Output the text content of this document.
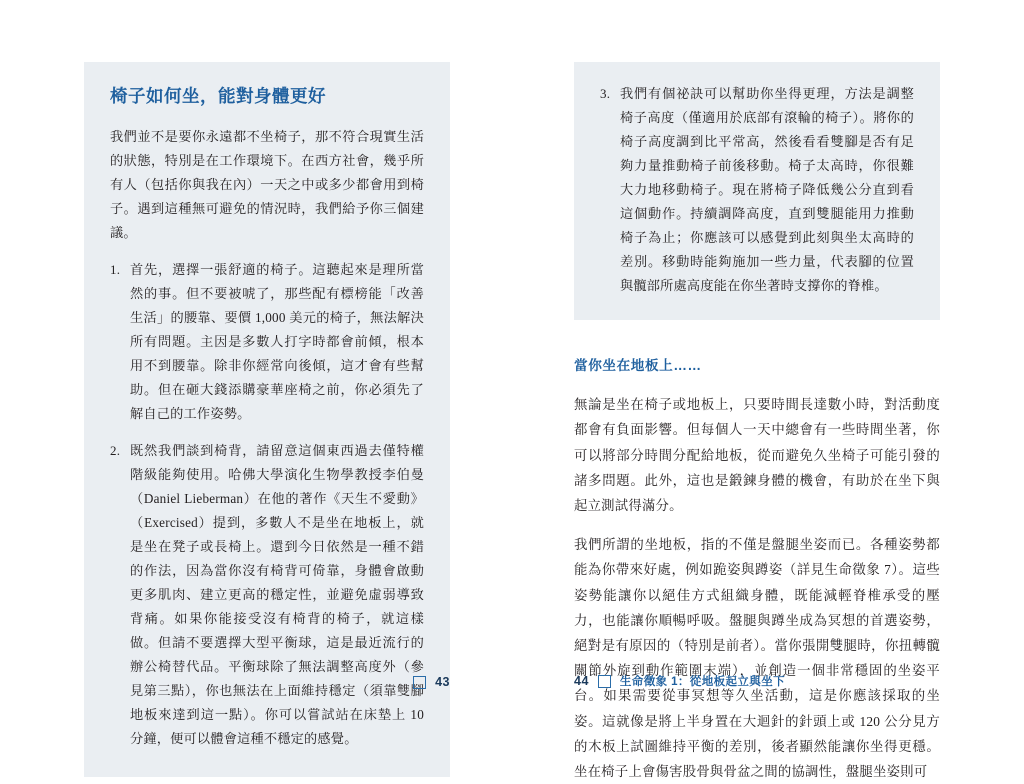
椅子如何坐，能對身體更好

我們並不是要你永遠都不坐椅子，那不符合現實生活的狀態，特別是在工作環境下。在西方社會，幾乎所有人（包括你與我在內）一天之中或多少都會用到椅子。遇到這種無可避免的情況時，我們給予你三個建議。

1. 首先，選擇一張舒適的椅子。這聽起來是理所當然的事。但不要被唬了，那些配有標榜能「改善生活」的腰靠、要價 1,000 美元的椅子，無法解決所有問題。主因是多數人打字時都會前傾，根本用不到腰靠。除非你經常向後傾，這才會有些幫助。但在砸大錢添購豪華座椅之前，你必須先了解自己的工作姿勢。
2. 既然我們談到椅背，請留意這個東西過去僅特權階級能夠使用。哈佛大學演化生物學教授李伯曼（Daniel Lieberman）在他的著作《天生不愛動》（Exercised）提到，多數人不是坐在地板上，就是坐在凳子或長椅上。還到今日依然是一種不錯的作法，因為當你沒有椅背可倚靠，身體會啟動更多肌肉、建立更高的穩定性，並避免虛弱導致背痛。如果你能接受沒有椅背的椅子，就這樣做。但請不要選擇大型平衡球，這是最近流行的辦公椅替代品。平衡球除了無法調整高度外（參見第三點），你也無法在上面維持穩定（須靠雙腳地板來達到這一點）。你可以嘗試站在床墊上 10 分鐘，便可以體會這種不穩定的感覺。
3. 我們有個祕訣可以幫助你坐得更理，方法是調整椅子高度（僅適用於底部有滾輪的椅子）。將你的椅子高度調到比平常高，然後看看雙腳是否有足夠力量推動椅子前後移動。椅子太高時，你很難大力地移動椅子。現在將椅子降低幾公分直到看這個動作。持續調降高度，直到雙腿能用力推動椅子為止；你應該可以感覺到此刻與坐太高時的差別。移動時能夠施加一些力量，代表腳的位置與髖部所處高度能在你坐著時支撐你的脊椎。
當你坐在地板上……

無論是坐在椅子或地板上，只要時間長達數小時，對活動度都會有負面影響。但每個人一天中總會有一些時間坐著，你可以將部分時間分配給地板，從而避免久坐椅子可能引發的諸多問題。此外，這也是鍛鍊身體的機會，有助於在坐下與起立測試得滿分。

我們所謂的坐地板，指的不僅是盤腿坐姿而已。各種姿勢都能為你帶來好處，例如跪姿與蹲姿（詳見生命徵象 7）。這些姿勢能讓你以絕佳方式組織身體，既能減輕脊椎承受的壓力，也能讓你順暢呼吸。盤腿與蹲坐成為冥想的首選姿勢，絕對是有原因的（特別是前者）。當你張開雙腿時，你扭轉髖關節外旋到動作範圍末端），並創造一個非常穩固的坐姿平台。如果需要從事冥想等久坐活動，這是你應該採取的坐姿。這就像是將上半身置在大迴針的針頭上或 120 公分見方的木板上試圖維持平衡的差別，後者顯然能讓你坐得更穩。坐在椅子上會傷害股骨與骨盆之間的協調性，盤腿坐姿則可

43	44	生命徵象 1：從地板起立與坐下
